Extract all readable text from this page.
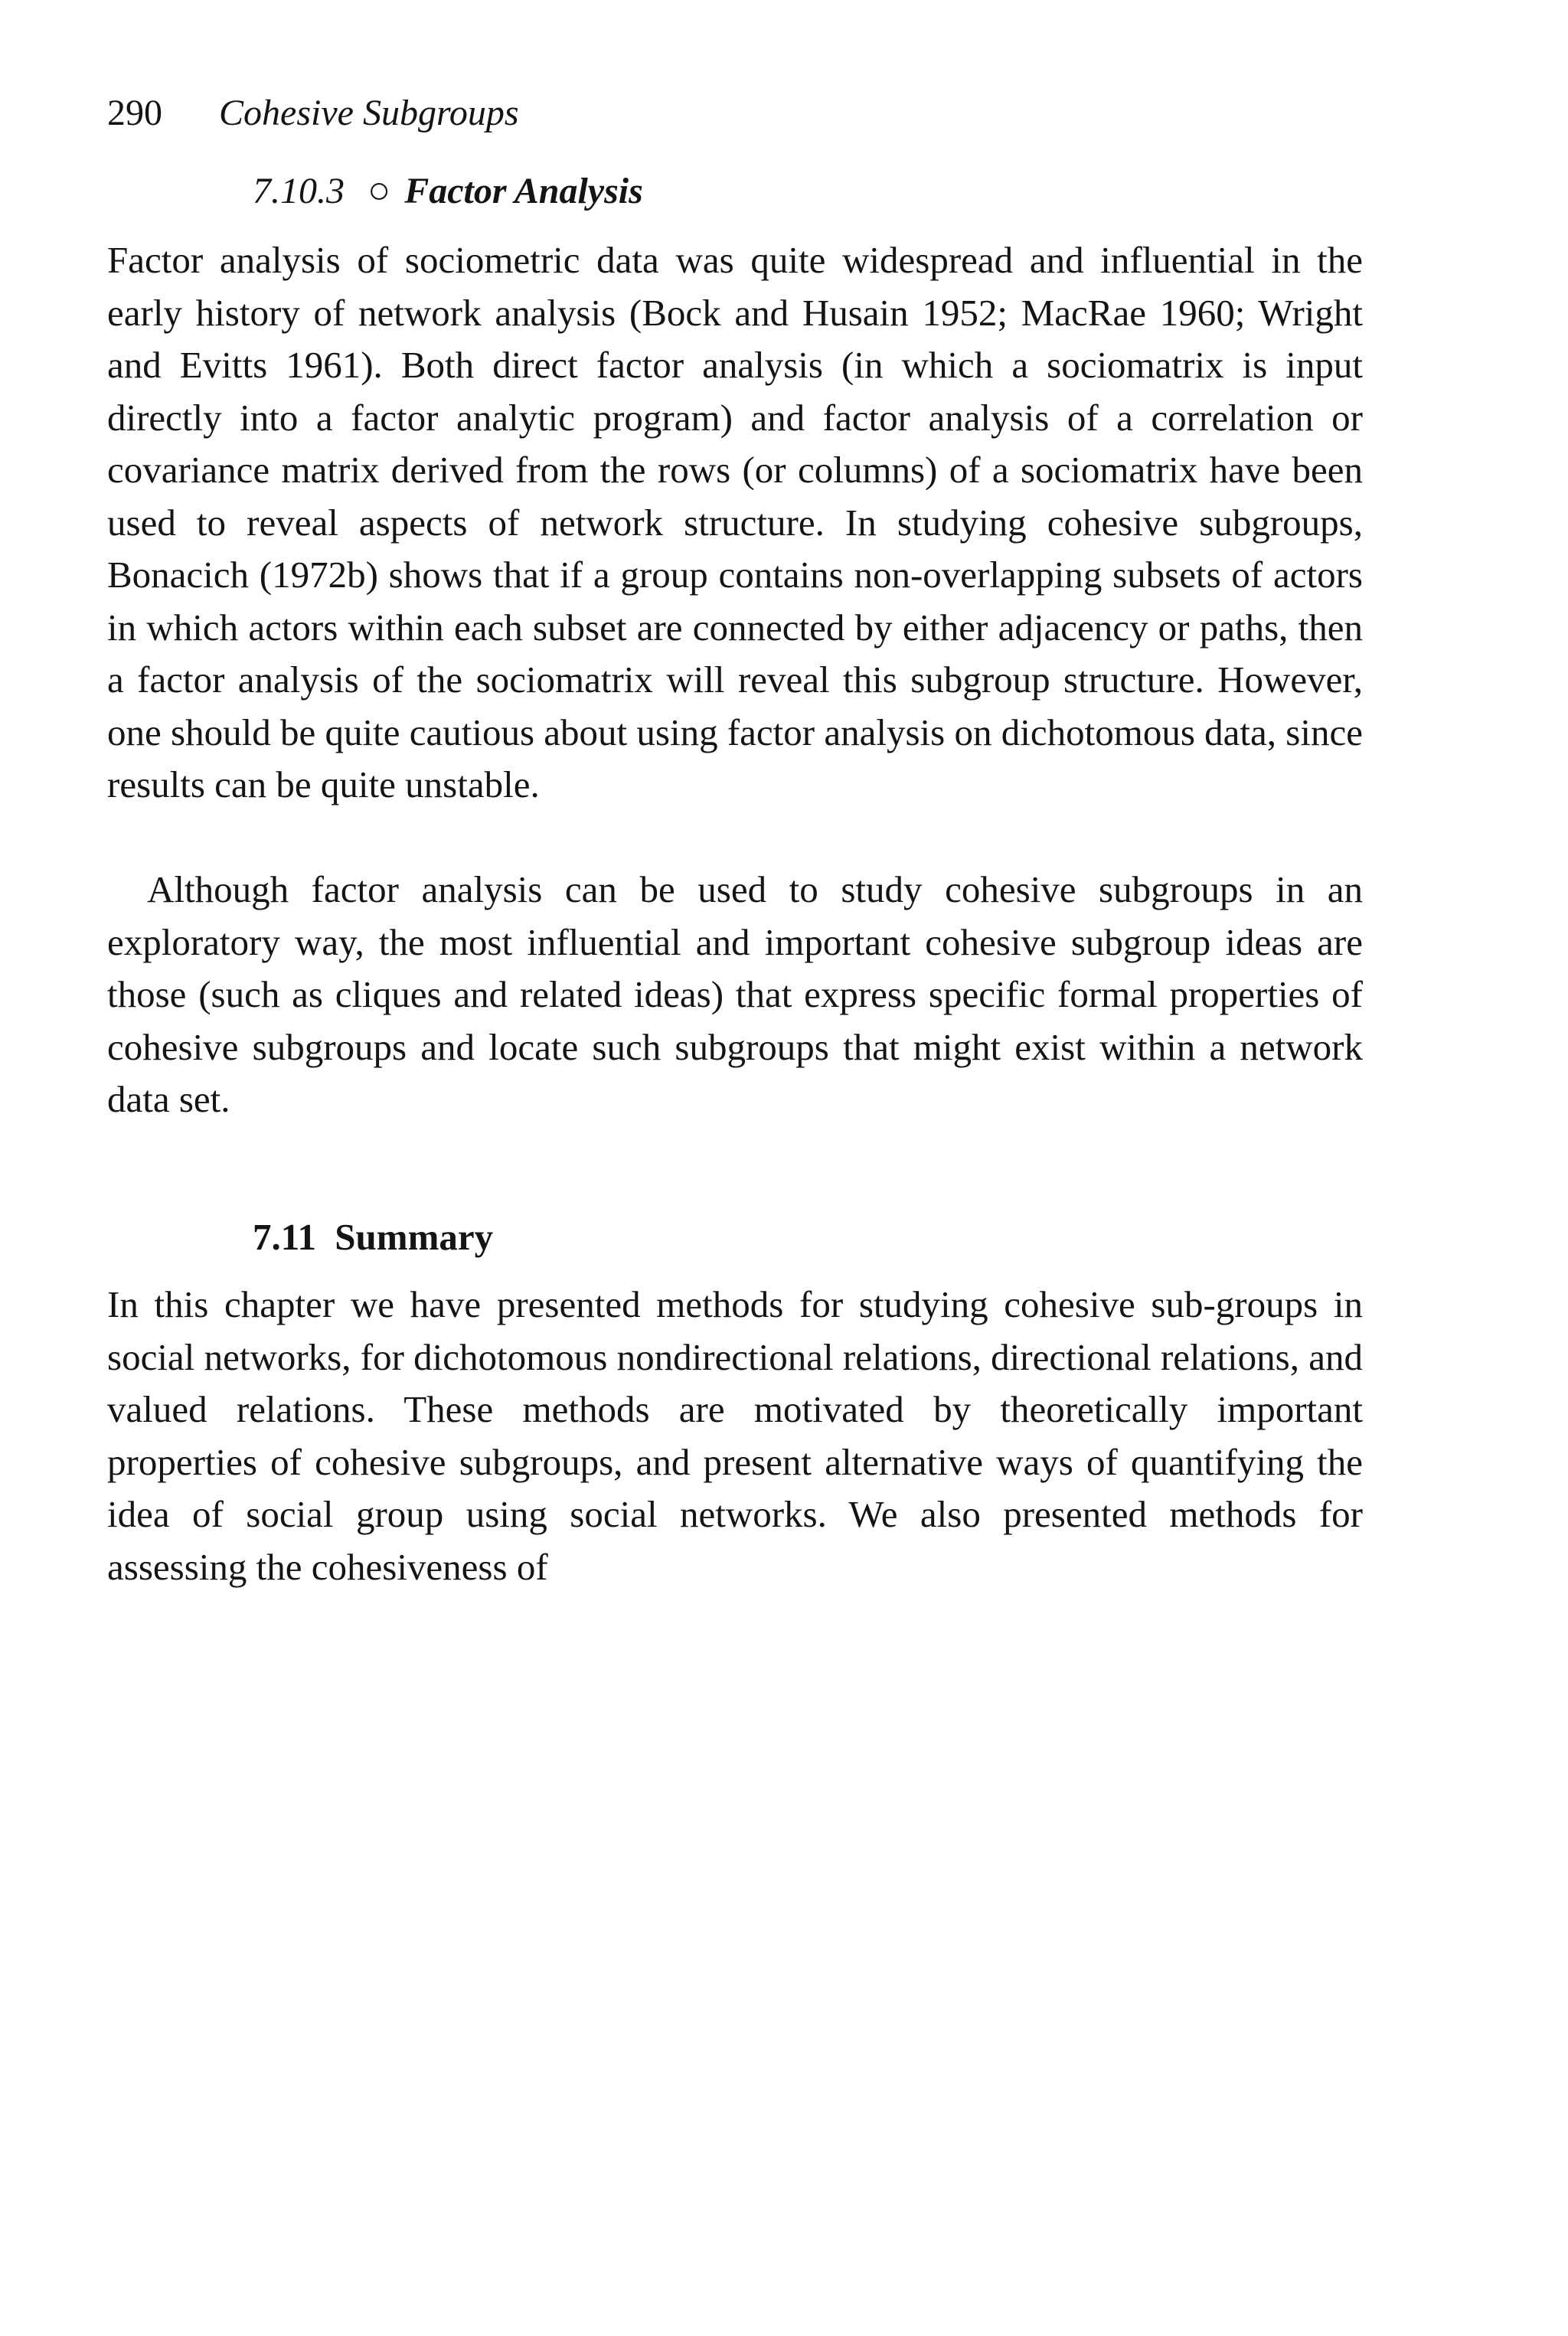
290 Cohesive Subgroups
7.10.3 ○ Factor Analysis

Factor analysis of sociometric data was quite widespread and influential in the early history of network analysis (Bock and Husain 1952; MacRae 1960; Wright and Evitts 1961). Both direct factor analysis (in which a sociomatrix is input directly into a factor analytic program) and factor analysis of a correlation or covariance matrix derived from the rows (or columns) of a sociomatrix have been used to reveal aspects of network structure. In studying cohesive subgroups, Bonacich (1972b) shows that if a group contains non-overlapping subsets of actors in which actors within each subset are connected by either adjacency or paths, then a factor analysis of the sociomatrix will reveal this subgroup structure. However, one should be quite cautious about using factor analysis on dichotomous data, since results can be quite unstable.

Although factor analysis can be used to study cohesive subgroups in an exploratory way, the most influential and important cohesive subgroup ideas are those (such as cliques and related ideas) that express specific formal properties of cohesive subgroups and locate such subgroups that might exist within a network data set.

7.11 Summary

In this chapter we have presented methods for studying cohesive sub-groups in social networks, for dichotomous nondirectional relations, directional relations, and valued relations. These methods are motivated by theoretically important properties of cohesive subgroups, and present alternative ways of quantifying the idea of social group using social networks. We also presented methods for assessing the cohesiveness of
